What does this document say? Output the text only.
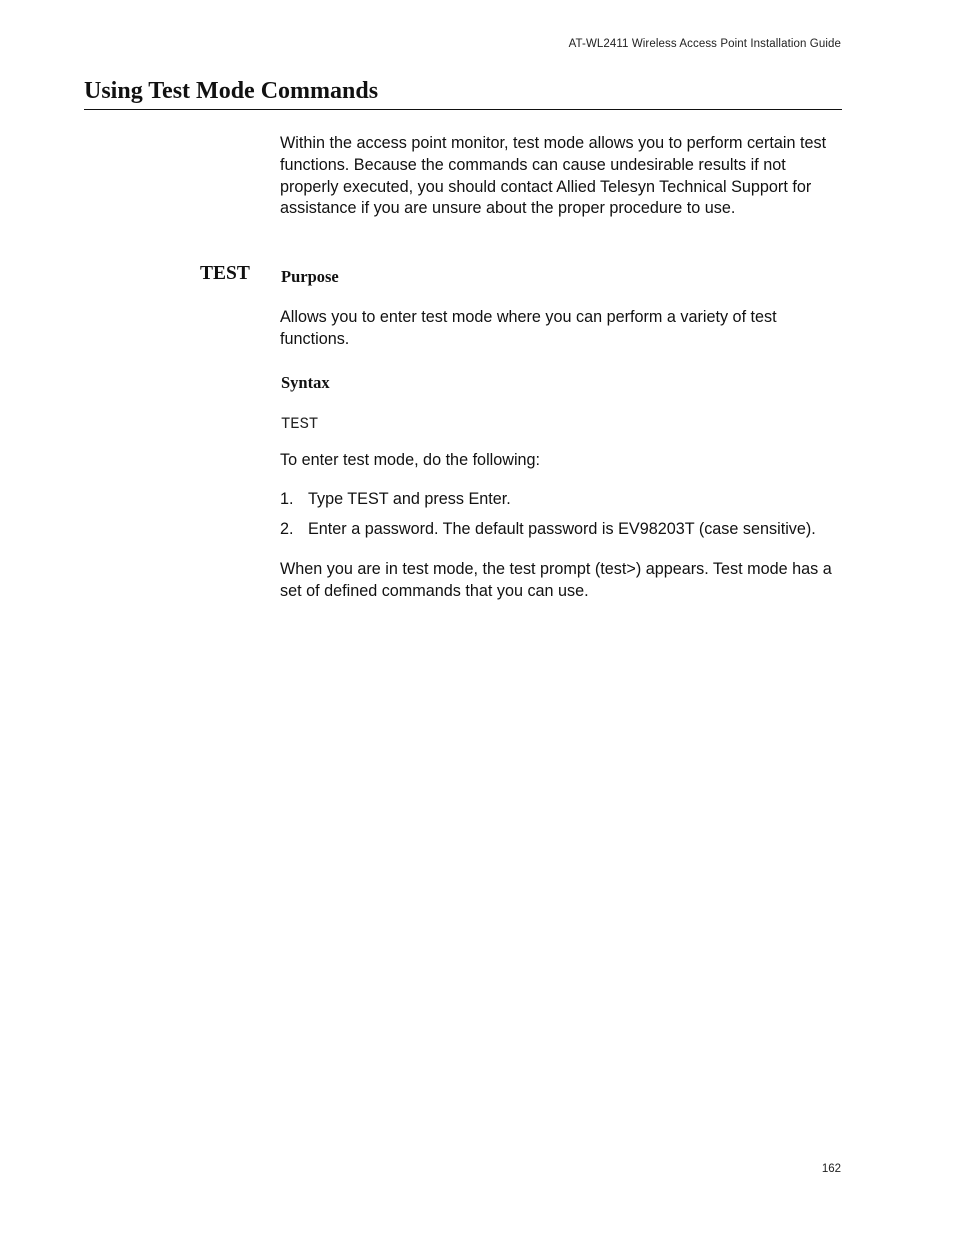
AT-WL2411 Wireless Access Point Installation Guide
Using Test Mode Commands

Within the access point monitor, test mode allows you to perform certain test functions. Because the commands can cause undesirable results if not properly executed, you should contact Allied Telesyn Technical Support for assistance if you are unsure about the proper procedure to use.

TEST Purpose

Allows you to enter test mode where you can perform a variety of test functions.

Syntax
TEST

To enter test mode, do the following:

1. Type TEST and press Enter.
2. Enter a password. The default password is EV98203T (case sensitive).

When you are in test mode, the test prompt (test>) appears. Test mode has a set of defined commands that you can use.

162
